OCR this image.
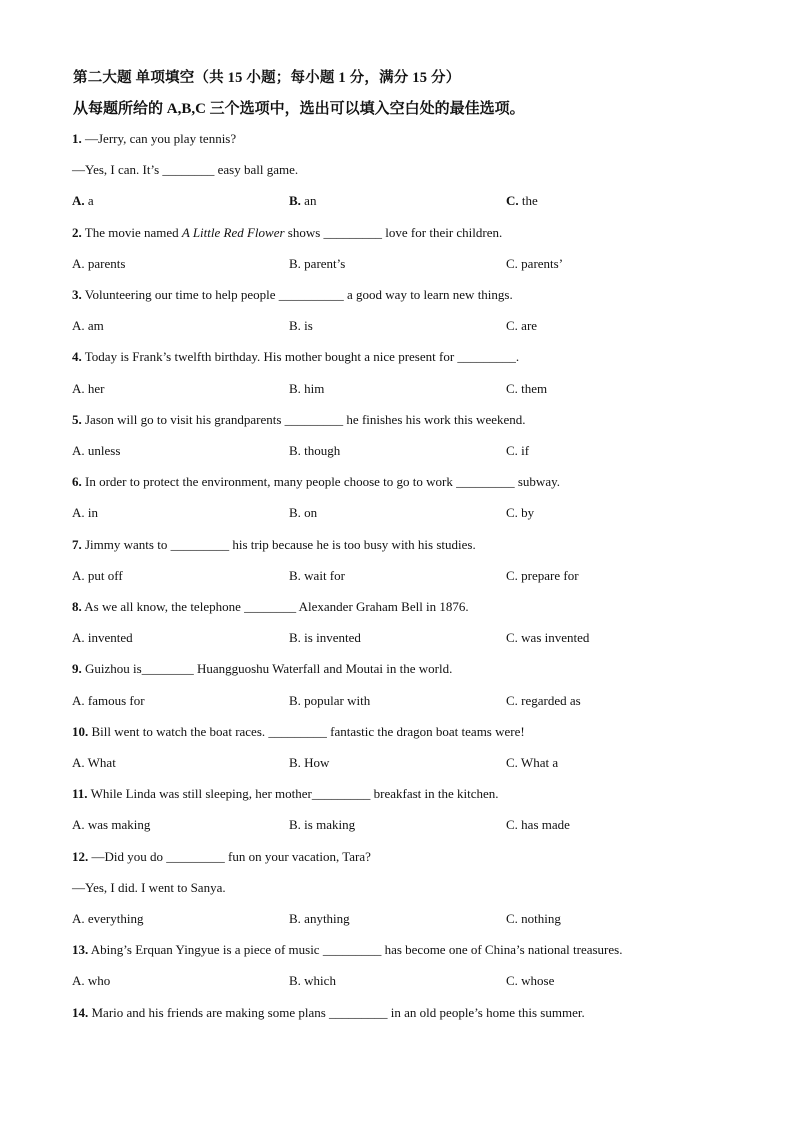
第二大题 单项填空（共 15 小题；每小题 1 分，满分 15 分）
从每题所给的 A,B,C 三个选项中，选出可以填入空白处的最佳选项。
1. —Jerry, can you play tennis?
—Yes, I can. It’s ________ easy ball game.
A. a	B. an	C. the
2. The movie named A Little Red Flower shows _________ love for their children.
A. parents	B. parent’s	C. parents’
3. Volunteering our time to help people __________ a good way to learn new things.
A. am	B. is	C. are
4. Today is Frank’s twelfth birthday. His mother bought a nice present for _________.
A. her	B. him	C. them
5. Jason will go to visit his grandparents _________ he finishes his work this weekend.
A. unless	B. though	C. if
6. In order to protect the environment, many people choose to go to work _________ subway.
A. in	B. on	C. by
7. Jimmy wants to _________ his trip because he is too busy with his studies.
A. put off	B. wait for	C. prepare for
8. As we all know, the telephone ________ Alexander Graham Bell in 1876.
A. invented	B. is invented	C. was invented
9. Guizhou is________ Huangguoshu Waterfall and Moutai in the world.
A. famous for	B. popular with	C. regarded as
10. Bill went to watch the boat races. _________ fantastic the dragon boat teams were!
A. What	B. How	C. What a
11. While Linda was still sleeping, her mother_________ breakfast in the kitchen.
A. was making	B. is making	C. has made
12. —Did you do _________ fun on your vacation, Tara?
—Yes, I did. I went to Sanya.
A. everything	B. anything	C. nothing
13. Abing’s Erquan Yingyue is a piece of music _________ has become one of China’s national treasures.
A. who	B. which	C. whose
14. Mario and his friends are making some plans _________ in an old people’s home this summer.
